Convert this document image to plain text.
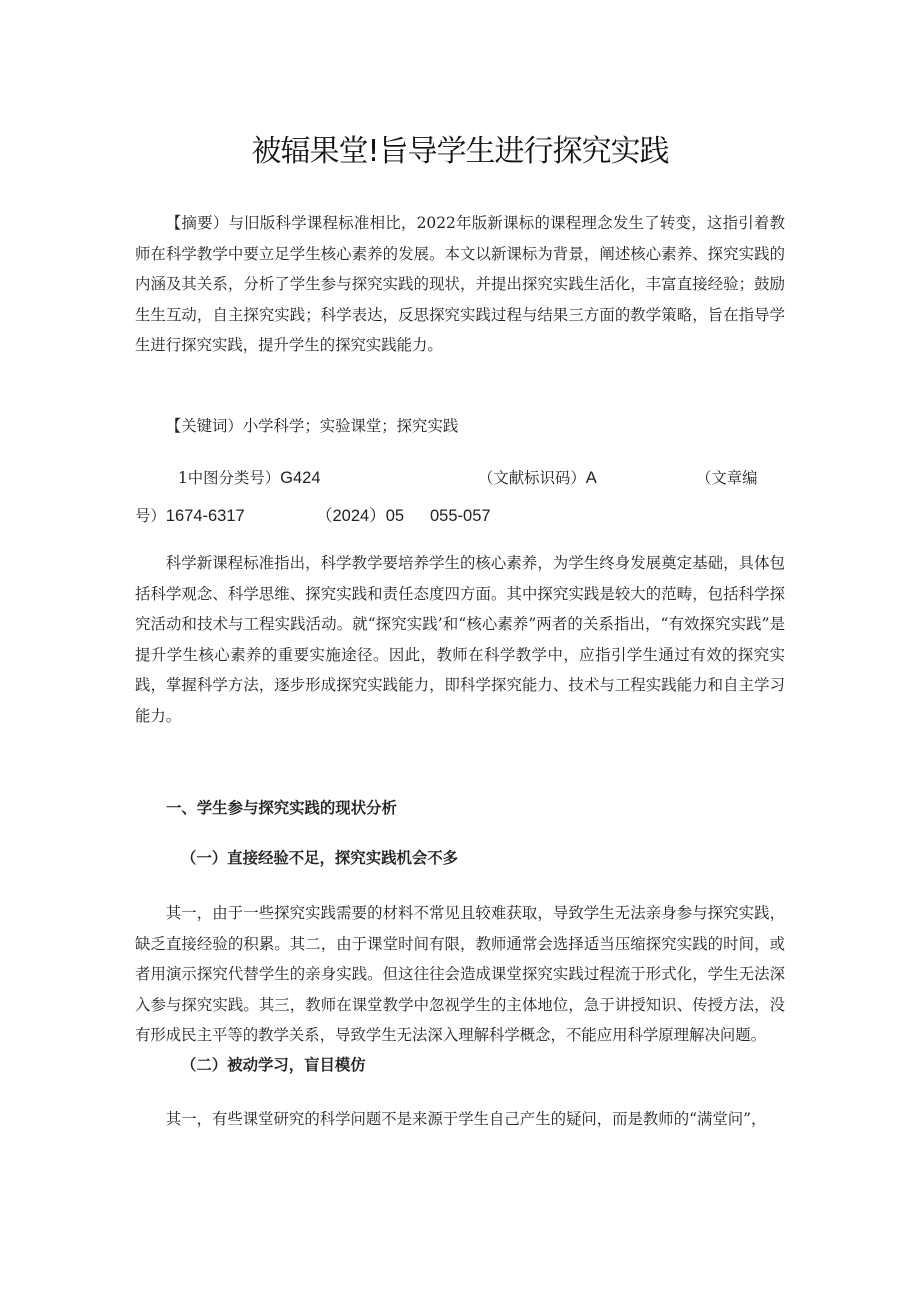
被辐果堂!旨导学生进行探究实践

【摘要）与旧版科学课程标准相比，2022年版新课标的课程理念发生了转变，这指引着教师在科学教学中要立足学生核心素养的发展。本文以新课标为背景，阐述核心素养、探究实践的内涵及其关系，分析了学生参与探究实践的现状，并提出探究实践生活化，丰富直接经验；鼓励生生互动，自主探究实践；科学表达，反思探究实践过程与结果三方面的教学策略，旨在指导学生进行探究实践，提升学生的探究实践能力。

【关键词）小学科学；实验课堂；探究实践

1中图分类号）G424	（文献标识码）A	（文章编
号）1674-6317	（2024）05 055-057

科学新课程标准指出，科学教学要培养学生的核心素养，为学生终身发展奠定基础，具体包括科学观念、科学思维、探究实践和责任态度四方面。其中探究实践是较大的范畴，包括科学探究活动和技术与工程实践活动。就“探究实践’和“核心素养”两者的关系指出，“有效探究实践”是提升学生核心素养的重要实施途径。因此，教师在科学教学中，应指引学生通过有效的探究实践，掌握科学方法，逐步形成探究实践能力，即科学探究能力、技术与工程实践能力和自主学习能力。

一、学生参与探究实践的现状分析
（一）直接经验不足，探究实践机会不多

其一，由于一些探究实践需要的材料不常见且较难获取，导致学生无法亲身参与探究实践，缺乏直接经验的积累。其二，由于课堂时间有限，教师通常会选择适当压缩探究实践的时间，或者用演示探究代替学生的亲身实践。但这往往会造成课堂探究实践过程流于形式化，学生无法深入参与探究实践。其三，教师在课堂教学中忽视学生的主体地位，急于讲授知识、传授方法，没有形成民主平等的教学关系，导致学生无法深入理解科学概念，不能应用科学原理解决问题。

（二）被动学习，盲目模仿

其一，有些课堂研究的科学问题不是来源于学生自己产生的疑问，而是教师的“满堂问”，
